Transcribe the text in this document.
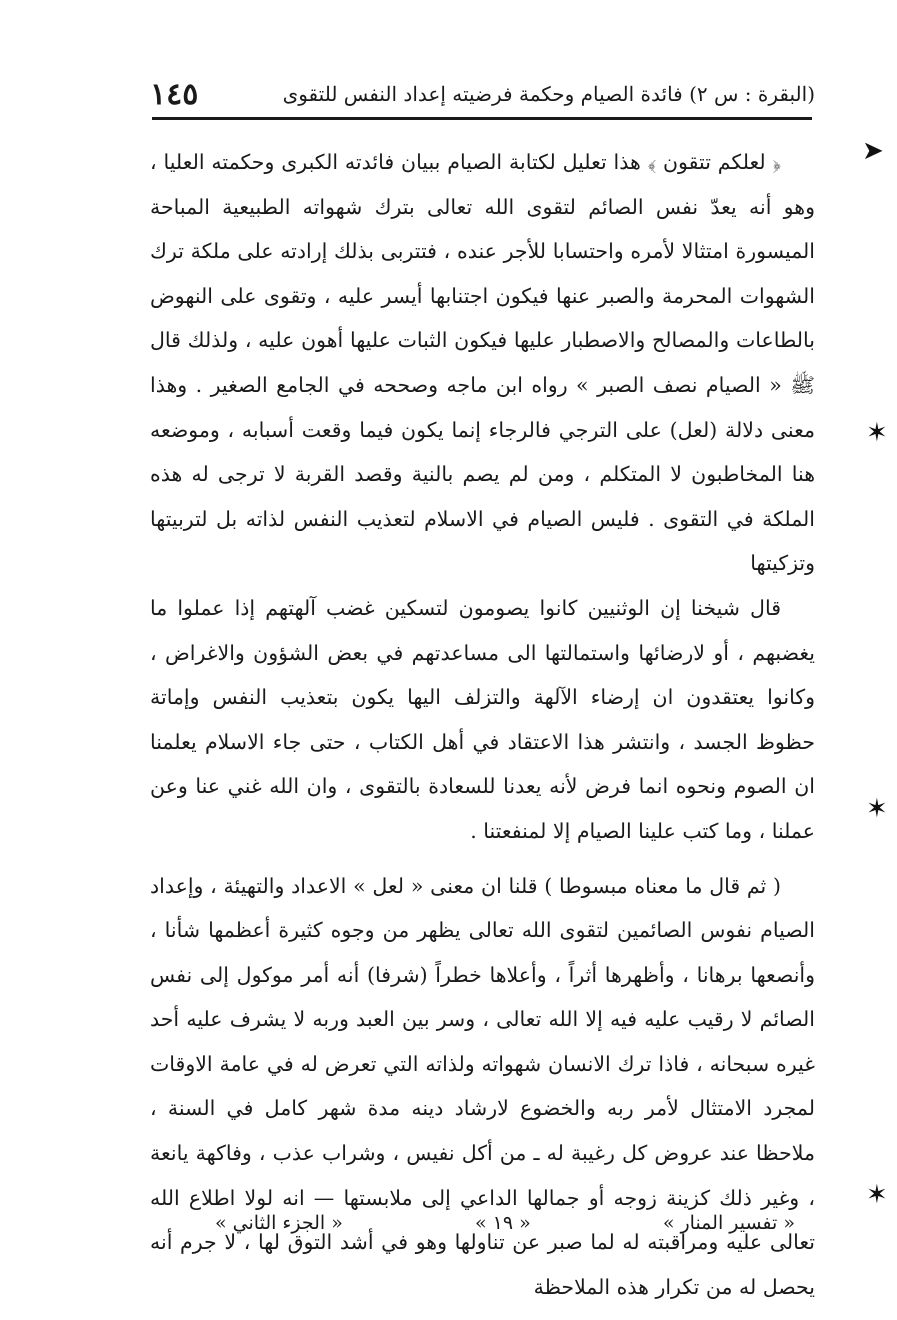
(البقرة : س ٢) فائدة الصيام وحكمة فرضيته إعداد النفس للتقوى
١٤٥

﴿ لعلكم تتقون ﴾ هذا تعليل لكتابة الصيام ببيان فائدته الكبرى وحكمته العليا ، وهو أنه يعدّ نفس الصائم لتقوى الله تعالى بترك شهواته الطبيعية المباحة الميسورة امتثالا لأمره واحتسابا للأجر عنده ، فتتربى بذلك إرادته على ملكة ترك الشهوات المحرمة والصبر عنها فيكون اجتنابها أيسر عليه ، وتقوى على النهوض بالطاعات والمصالح والاصطبار عليها فيكون الثبات عليها أهون عليه ، ولذلك قال ﷺ « الصيام نصف الصبر » رواه ابن ماجه وصححه في الجامع الصغير . وهذا معنى دلالة (لعل) على الترجي فالرجاء إنما يكون فيما وقعت أسبابه ، وموضعه هنا المخاطبون لا المتكلم ، ومن لم يصم بالنية وقصد القربة لا ترجى له هذه الملكة في التقوى . فليس الصيام في الاسلام لتعذيب النفس لذاته بل لتربيتها وتزكيتها

قال شيخنا إن الوثنيين كانوا يصومون لتسكين غضب آلهتهم إذا عملوا ما يغضبهم ، أو لارضائها واستمالتها الى مساعدتهم في بعض الشؤون والاغراض ، وكانوا يعتقدون ان إرضاء الآلهة والتزلف اليها يكون بتعذيب النفس وإماتة حظوظ الجسد ، وانتشر هذا الاعتقاد في أهل الكتاب ، حتى جاء الاسلام يعلمنا ان الصوم ونحوه انما فرض لأنه يعدنا للسعادة بالتقوى ، وان الله غني عنا وعن عملنا ، وما كتب علينا الصيام إلا لمنفعتنا .

( ثم قال ما معناه مبسوطا ) قلنا ان معنى « لعل » الاعداد والتهيئة ، وإعداد الصيام نفوس الصائمين لتقوى الله تعالى يظهر من وجوه كثيرة أعظمها شأنا ، وأنصعها برهانا ، وأظهرها أثراً ، وأعلاها خطراً (شرفا) أنه أمر موكول إلى نفس الصائم لا رقيب عليه فيه إلا الله تعالى ، وسر بين العبد وربه لا يشرف عليه أحد غيره سبحانه ، فاذا ترك الانسان شهواته ولذاته التي تعرض له في عامة الاوقات لمجرد الامتثال لأمر ربه والخضوع لارشاد دينه مدة شهر كامل في السنة ، ملاحظا عند عروض كل رغيبة له ـ من أكل نفيس ، وشراب عذب ، وفاكهة يانعة ، وغير ذلك كزينة زوجه أو جمالها الداعي إلى ملابستها — انه لولا اطلاع الله تعالى عليه ومراقبته له لما صبر عن تناولها وهو في أشد التوق لها ، لا جرم أنه يحصل له من تكرار هذه الملاحظة

➤
✶
✶
✶
« تفسير المنار »
« ١٩ »
« الجزء الثاني »
